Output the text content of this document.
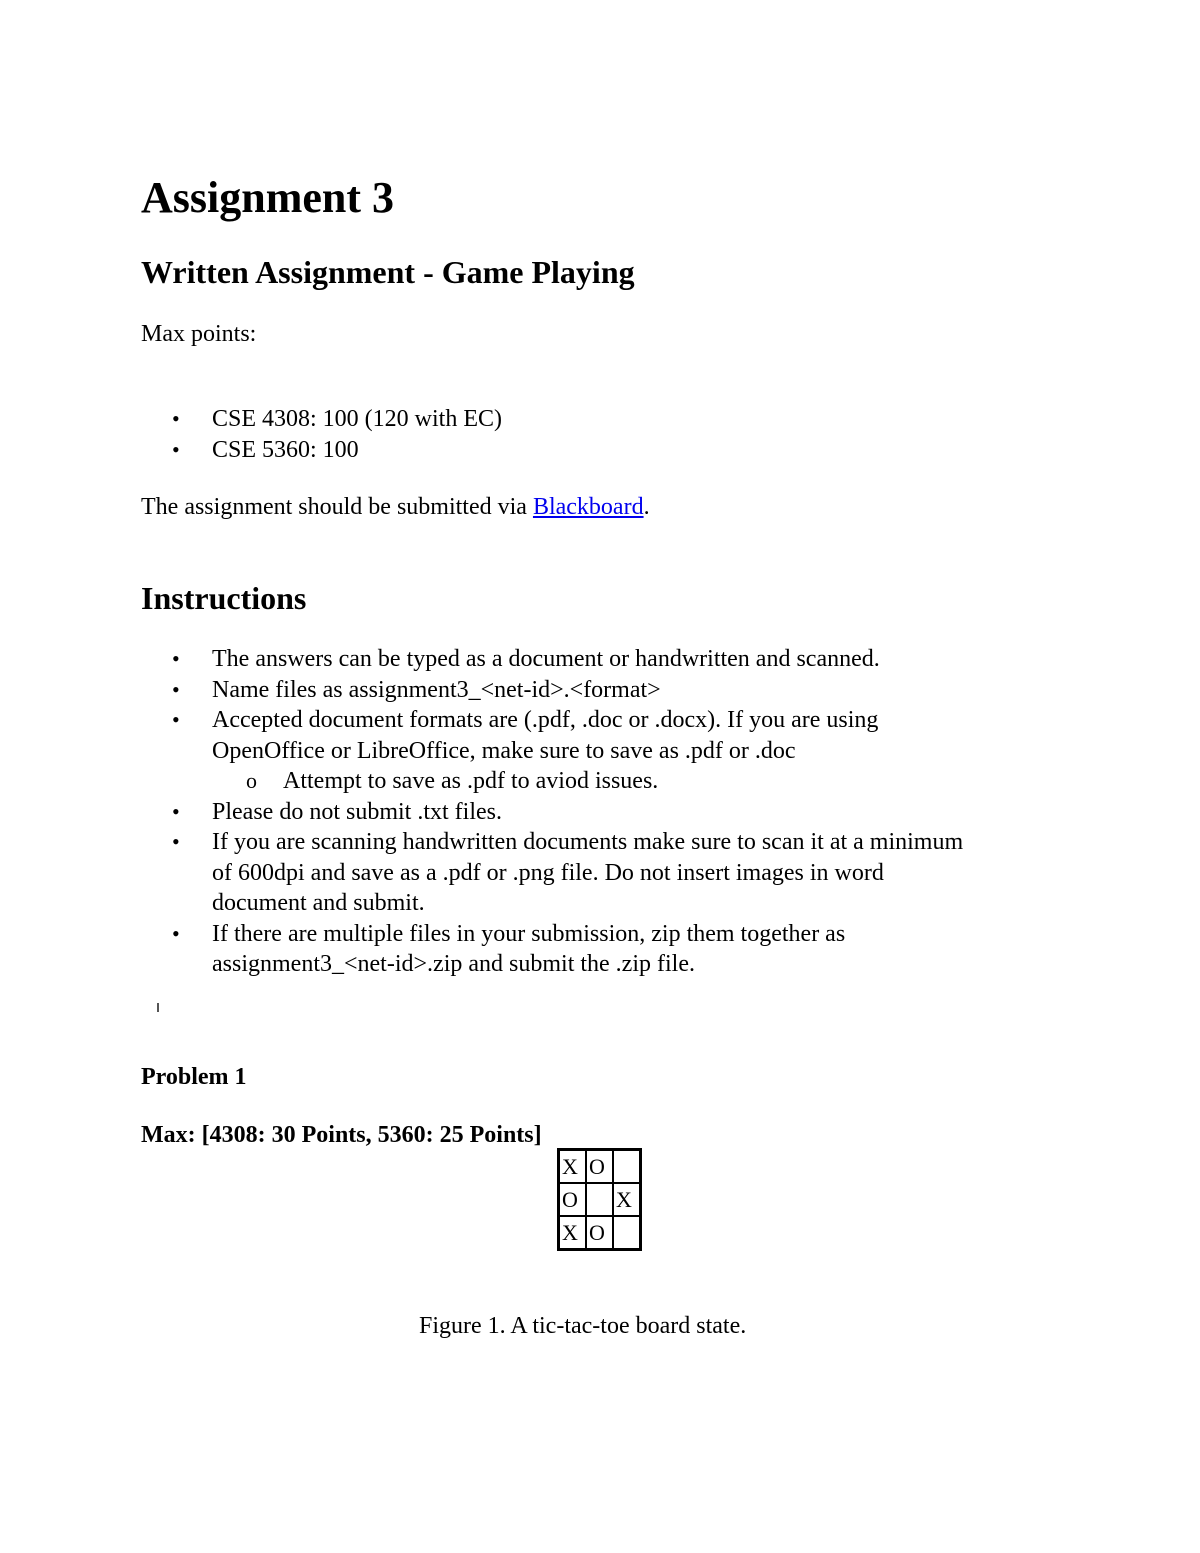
Assignment 3
Written Assignment - Game Playing
Max points:
• CSE 4308: 100 (120 with EC)
• CSE 5360: 100
The assignment should be submitted via Blackboard.
Instructions
• The answers can be typed as a document or handwritten and scanned.
• Name files as assignment3_<net-id>.<format>
• Accepted document formats are (.pdf, .doc or .docx). If you are using
OpenOffice or LibreOffice, make sure to save as .pdf or .doc
o Attempt to save as .pdf to aviod issues.
• Please do not submit .txt files.
• If you are scanning handwritten documents make sure to scan it at a minimum
of 600dpi and save as a .pdf or .png file. Do not insert images in word
document and submit.
• If there are multiple files in your submission, zip them together as
assignment3_<net-id>.zip and submit the .zip file.
Problem 1
Max: [4308: 30 Points, 5360: 25 Points]
X	O	
O		X
X	O	
Figure 1. A tic-tac-toe board state.
